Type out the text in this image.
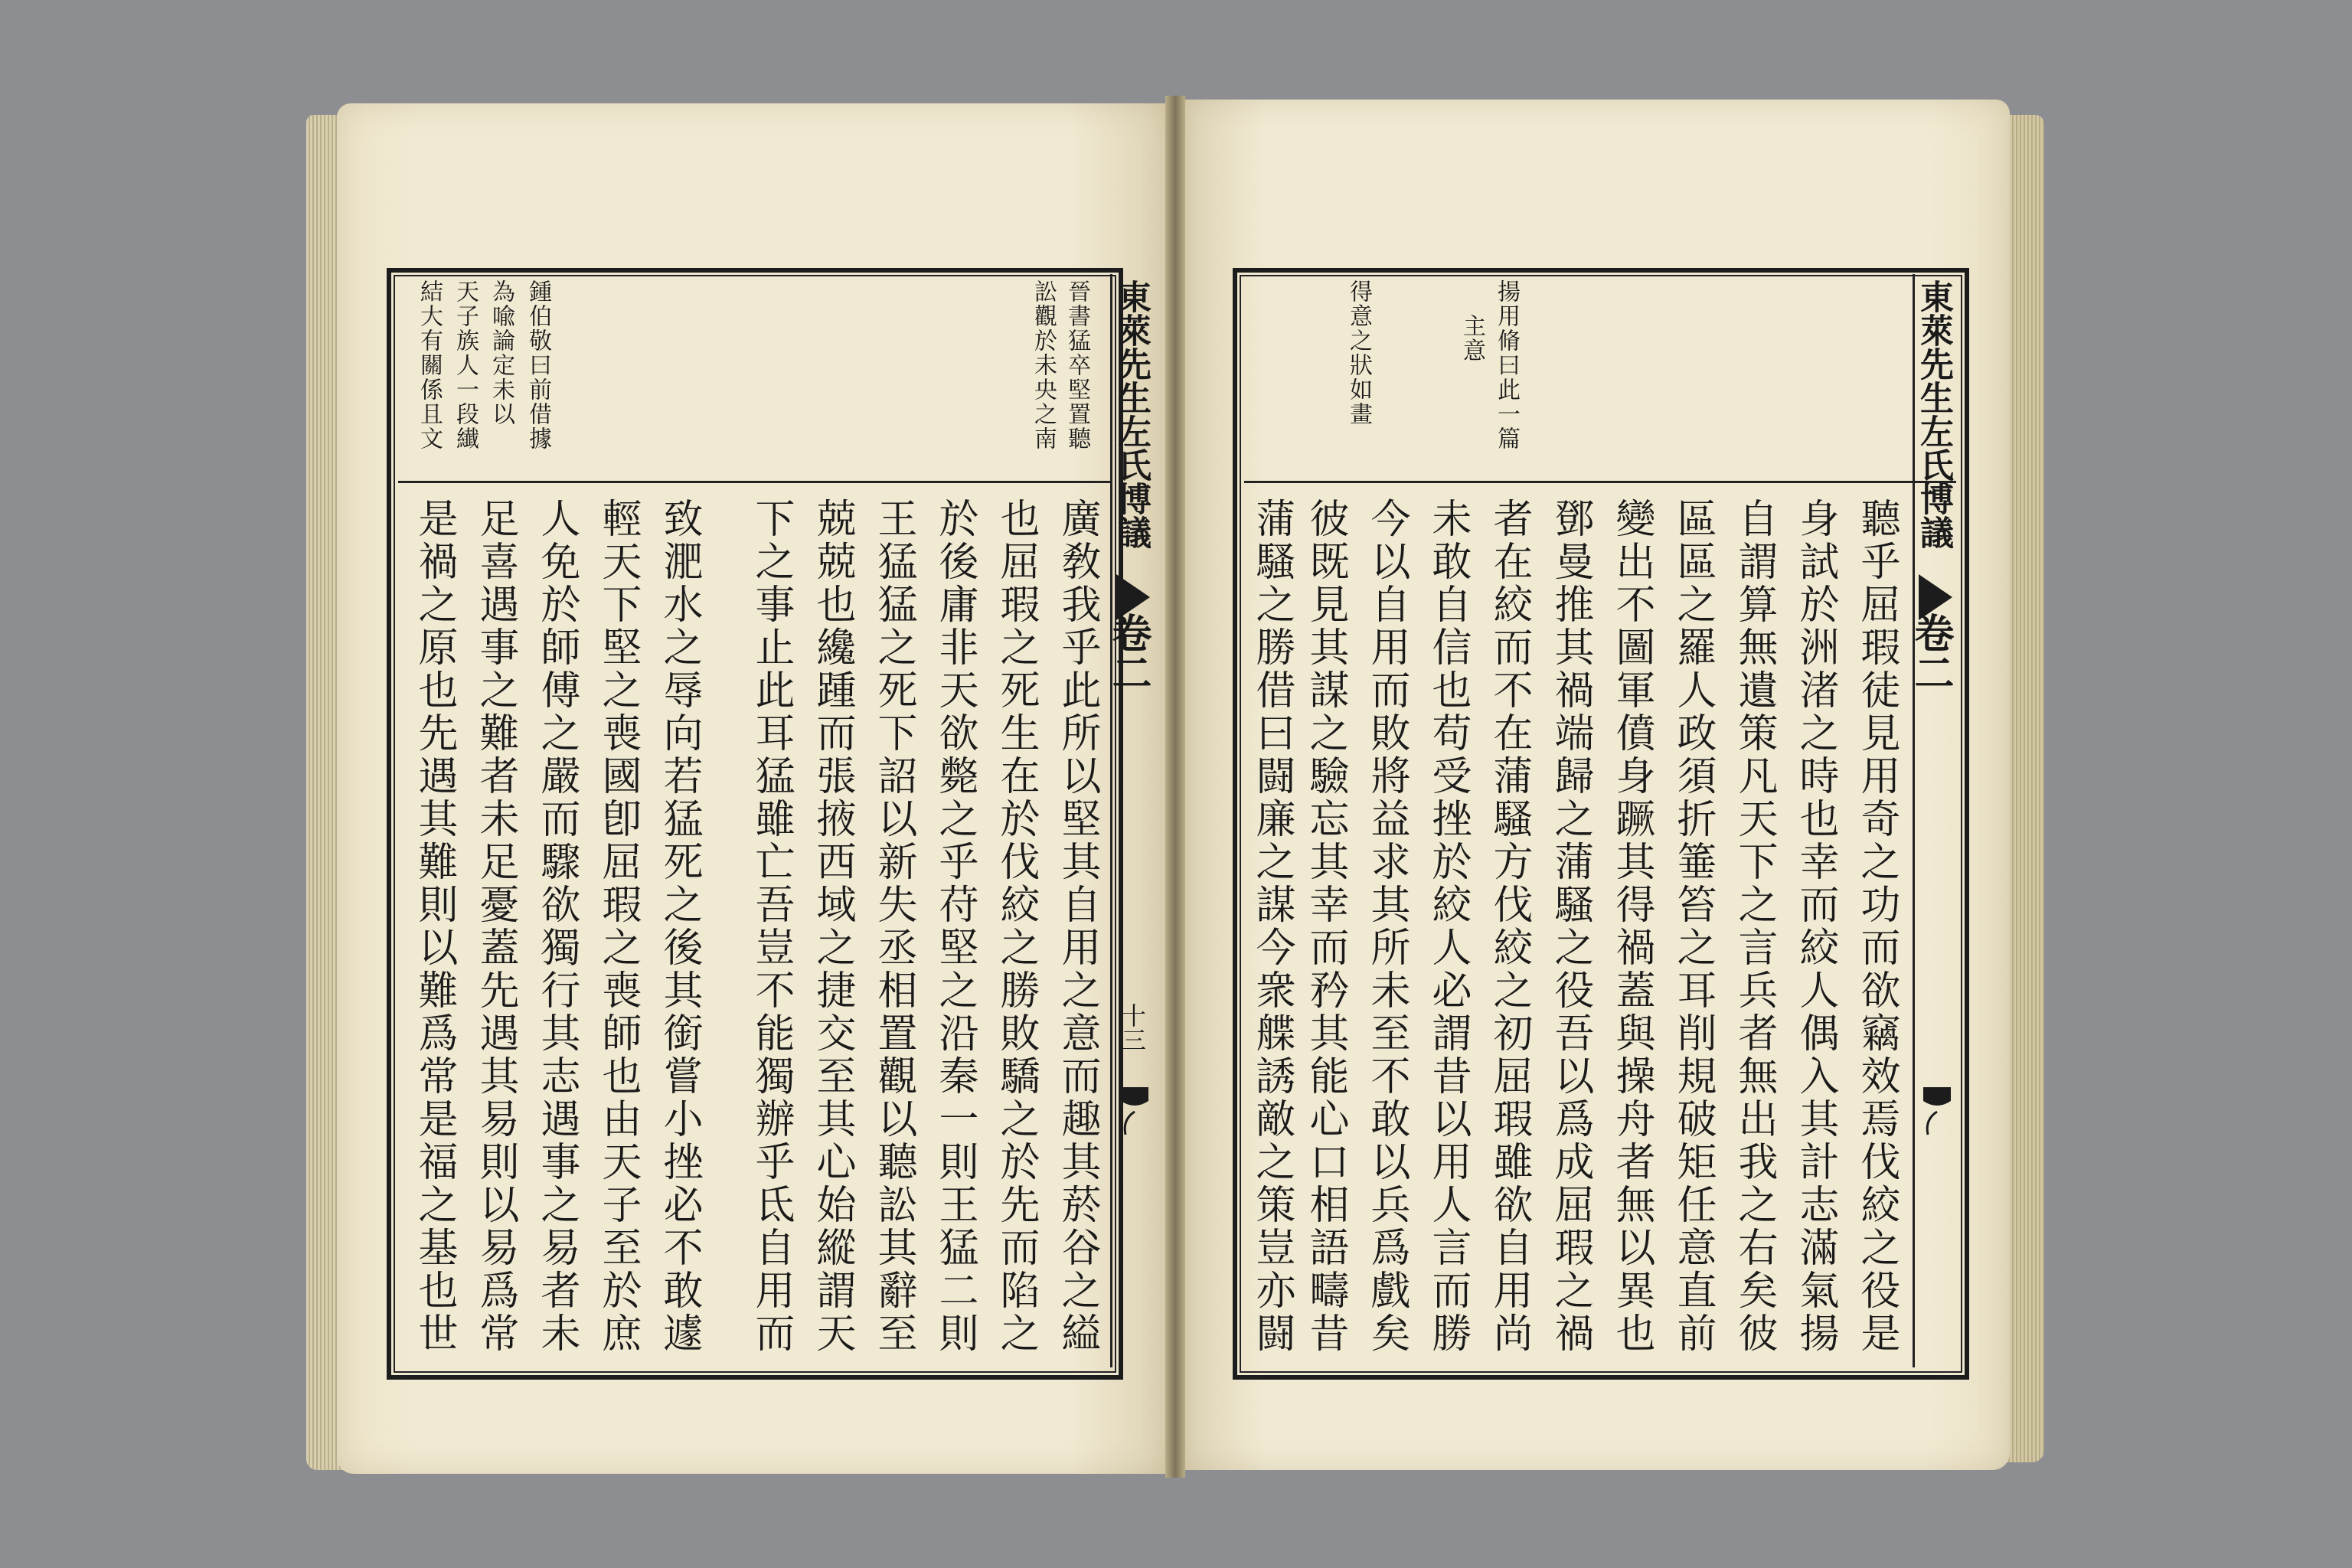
東萊先生左氏博議
卷二
十三
晉書猛卒堅置聽
訟觀於未央之南
鍾伯敬曰前借據
為喩論定未以
天子族人一段纎
結大有關係且文
廣敎我乎此所以堅其自用之意而趣其菸谷之縊
也屈瑕之死生在於伐絞之勝敗驕之於先而陷之
於後庸非天欲斃之乎苻堅之沿秦一則王猛二則
王猛猛之死下詔以新失丞相置觀以聽訟其辭至
兢兢也纔踵而張掖西域之捷交至其心始縱謂天
下之事止此耳猛雖亡吾豈不能獨辦乎氐自用而
致淝水之辱向若猛死之後其銜嘗小挫必不敢遽
輕天下堅之喪國卽屈瑕之喪師也由天子至於庶
人免於師傅之嚴而驟欲獨行其志遇事之易者未
足喜遇事之難者未足憂蓋先遇其易則以易爲常
是禍之原也先遇其難則以難爲常是福之基也世
東萊先生左氏博議
卷二
揚用脩曰此一篇
主意
得意之狀如畫
聽乎屈瑕徒見用奇之功而欲竊效焉伐絞之役是
身試於洲渚之時也幸而絞人偶入其計志滿氣揚
自謂算無遺策凡天下之言兵者無出我之右矣彼
區區之羅人政須折箠笞之耳削規破矩任意直前
變出不圖軍僨身蹶其得禍蓋與操舟者無以異也
鄧曼推其禍端歸之蒲騷之役吾以爲成屈瑕之禍
者在絞而不在蒲騷方伐絞之初屈瑕雖欲自用尚
未敢自信也苟受挫於絞人必謂昔以用人言而勝
今以自用而敗將益求其所未至不敢以兵爲戲矣
彼既見其謀之驗忘其幸而矜其能心口相語疇昔
蒲騷之勝借曰闘廉之謀今衆艓誘敵之策豈亦闘
